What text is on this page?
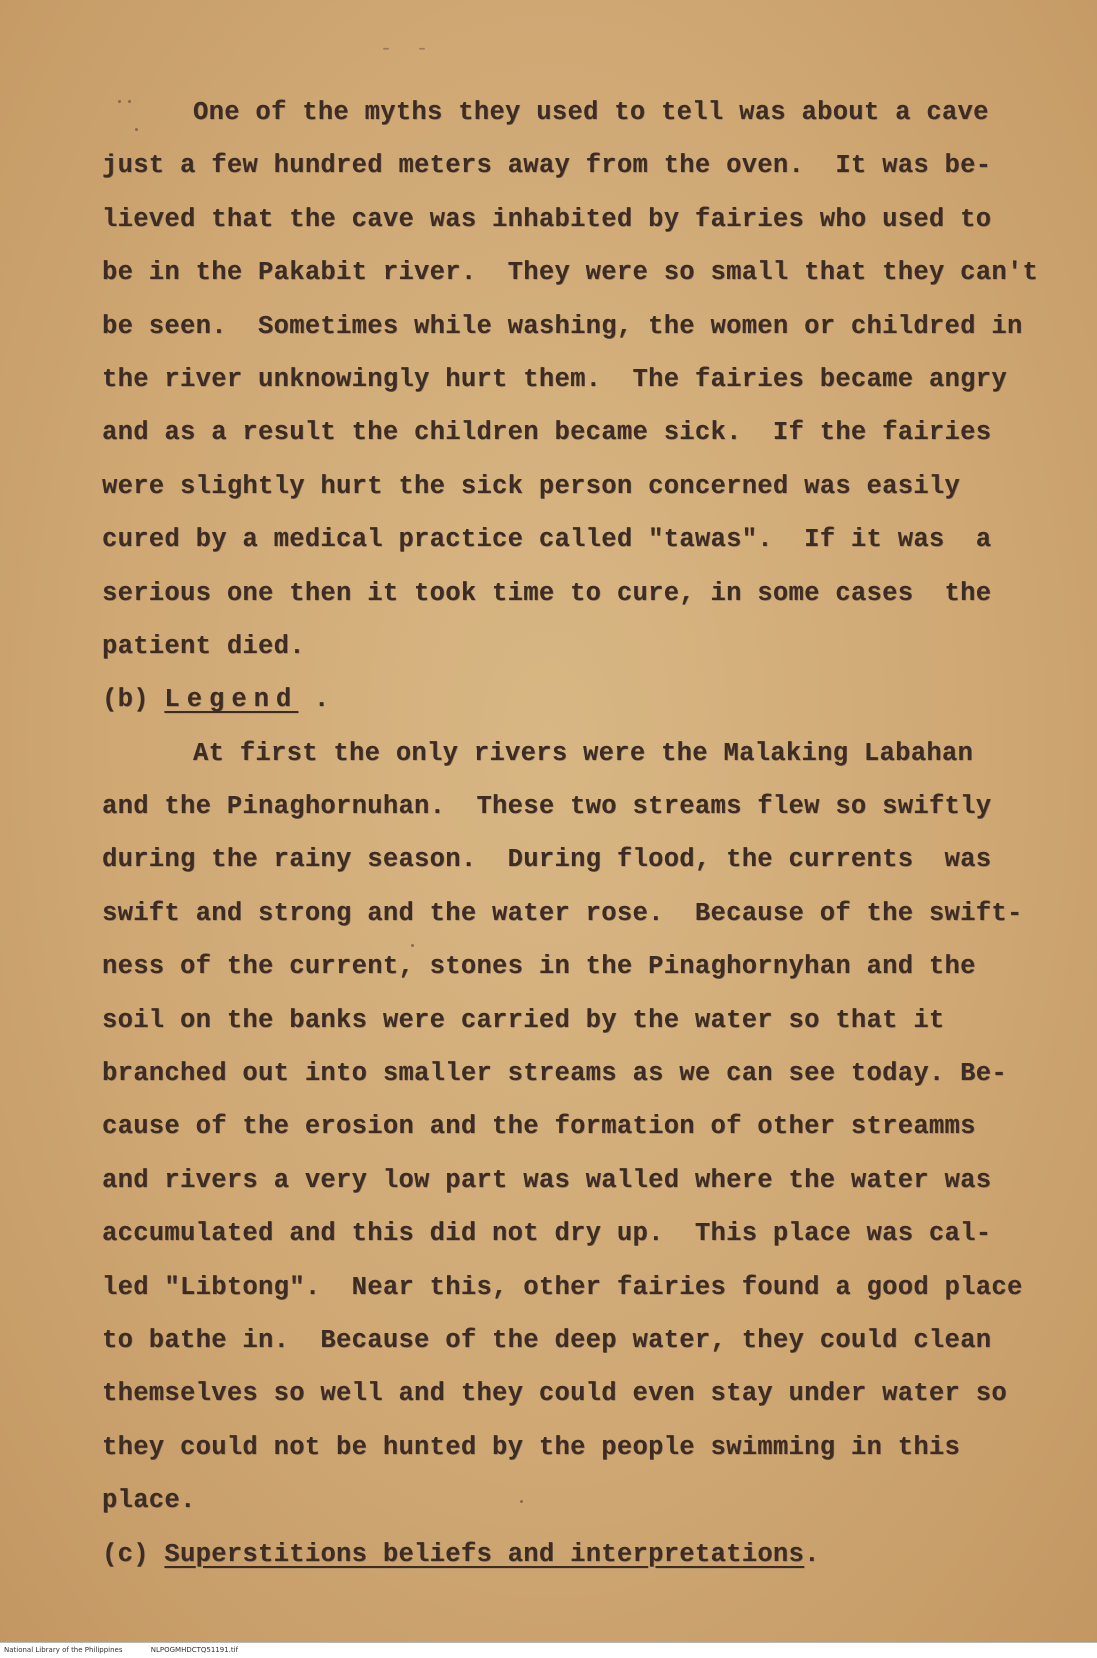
- -
One of the myths they used to tell was about a cave
just a few hundred meters away from the oven.  It was be-
lieved that the cave was inhabited by fairies who used to
be in the Pakabit river.  They were so small that they can't
be seen.  Sometimes while washing, the women or childred in
the river unknowingly hurt them.  The fairies became angry
and as a result the children became sick.  If the fairies
were slightly hurt the sick person concerned was easily
cured by a medical practice called "tawas".  If it was  a
serious one then it took time to cure, in some cases  the
patient died.
(b) Legend .
At first the only rivers were the Malaking Labahan
and the Pinaghornuhan.  These two streams flew so swiftly
during the rainy season.  During flood, the currents  was
swift and strong and the water rose.  Because of the swift-
ness of the current, stones in the Pinaghornyhan and the
soil on the banks were carried by the water so that it
branched out into smaller streams as we can see today. Be-
cause of the erosion and the formation of other streamms
and rivers a very low part was walled where the water was
accumulated and this did not dry up.  This place was cal-
led "Libtong".  Near this, other fairies found a good place
to bathe in.  Because of the deep water, they could clean
themselves so well and they could even stay under water so
they could not be hunted by the people swimming in this
place.
(c) Superstitions beliefs and interpretations.
National Library of the Philippines	NLPOGMHDCTQ51191.tif
